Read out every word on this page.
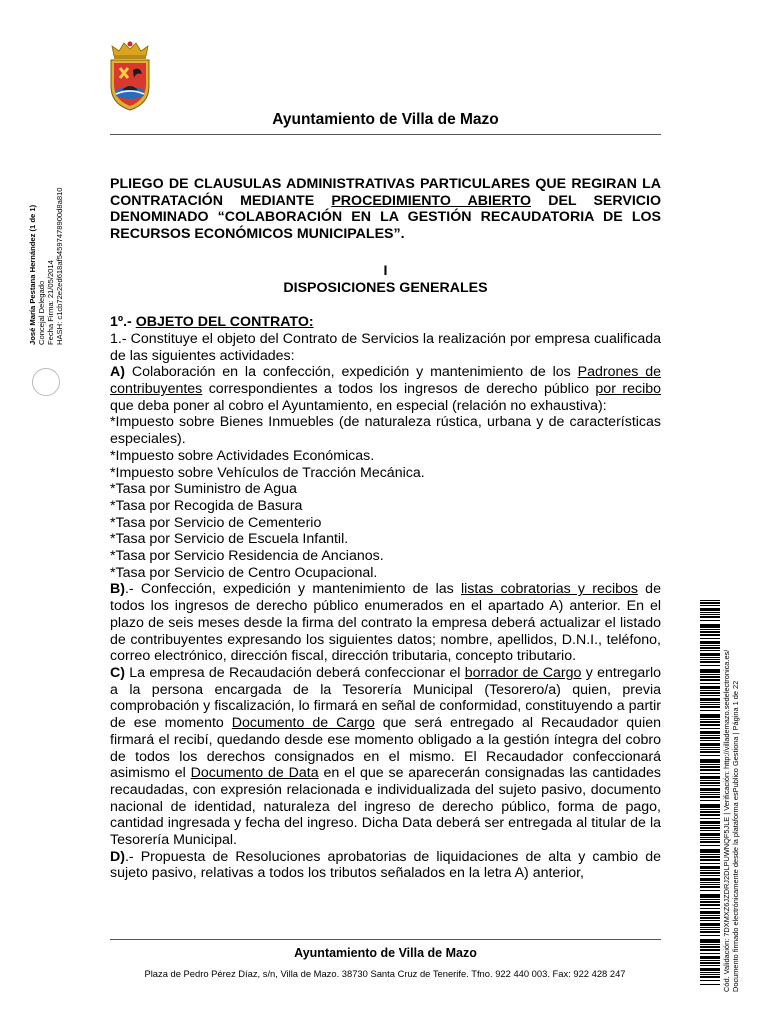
Ayuntamiento de Villa de Mazo
José María Pestana Hernández (1 de 1) Concejal Delegado Fecha Firma: 21/05/2014 HASH: c1cb72e2ed618af54597478900d8a810

PLIEGO DE CLAUSULAS ADMINISTRATIVAS PARTICULARES QUE REGIRAN LA CONTRATACIÓN MEDIANTE PROCEDIMIENTO ABIERTO DEL SERVICIO DENOMINADO “COLABORACIÓN EN LA GESTIÓN RECAUDATORIA DE LOS RECURSOS ECONÓMICOS MUNICIPALES”.

I

DISPOSICIONES GENERALES

1º.- OBJETO DEL CONTRATO:

1.- Constituye el objeto del Contrato de Servicios la realización por empresa cualificada de las siguientes actividades:

A) Colaboración en la confección, expedición y mantenimiento de los Padrones de contribuyentes correspondientes a todos los ingresos de derecho público por recibo que deba poner al cobro el Ayuntamiento, en especial (relación no exhaustiva):

*Impuesto sobre Bienes Inmuebles (de naturaleza rústica, urbana y de características especiales).

*Impuesto sobre Actividades Económicas.

*Impuesto sobre Vehículos de Tracción Mecánica.

*Tasa por Suministro de Agua

*Tasa por Recogida de Basura

*Tasa por Servicio de Cementerio

*Tasa por Servicio de Escuela Infantil.

*Tasa por Servicio Residencia de Ancianos.

*Tasa por Servicio de Centro Ocupacional.

B).- Confección, expedición y mantenimiento de las listas cobratorias y recibos de todos los ingresos de derecho público enumerados en el apartado A) anterior. En el plazo de seis meses desde la firma del contrato la empresa deberá actualizar el listado de contribuyentes expresando los siguientes datos; nombre, apellidos, D.N.I., teléfono, correo electrónico, dirección fiscal, dirección tributaria, concepto tributario.

C) La empresa de Recaudación deberá confeccionar el borrador de Cargo y entregarlo a la persona encargada de la Tesorería Municipal (Tesorero/a) quien, previa comprobación y fiscalización, lo firmará en señal de conformidad, constituyendo a partir de ese momento Documento de Cargo que será entregado al Recaudador quien firmará el recibí, quedando desde ese momento obligado a la gestión íntegra del cobro de todos los derechos consignados en el mismo. El Recaudador confeccionará asimismo el Documento de Data en el que se aparecerán consignadas las cantidades recaudadas, con expresión relacionada e individualizada del sujeto pasivo, documento nacional de identidad, naturaleza del ingreso de derecho público, forma de pago, cantidad ingresada y fecha del ingreso. Dicha Data deberá ser entregada al titular de la Tesorería Municipal.

D).- Propuesta de Resoluciones aprobatorias de liquidaciones de alta y cambio de sujeto pasivo, relativas a todos los tributos señalados en la letra A) anterior,

Ayuntamiento de Villa de Mazo
Plaza de Pedro Pérez Díaz, s/n, Villa de Mazo. 38730 Santa Cruz de Tenerife. Tfno. 922 440 003. Fax: 922 428 247	Cód. Validación: 7DXMXZ6JZDRJ2DLPUWNQF5JLE | Verificación: http://villademazo.sedelectronica.es/ Documento firmado electrónicamente desde la plataforma esPublico Gestiona | Página 1 de 22
